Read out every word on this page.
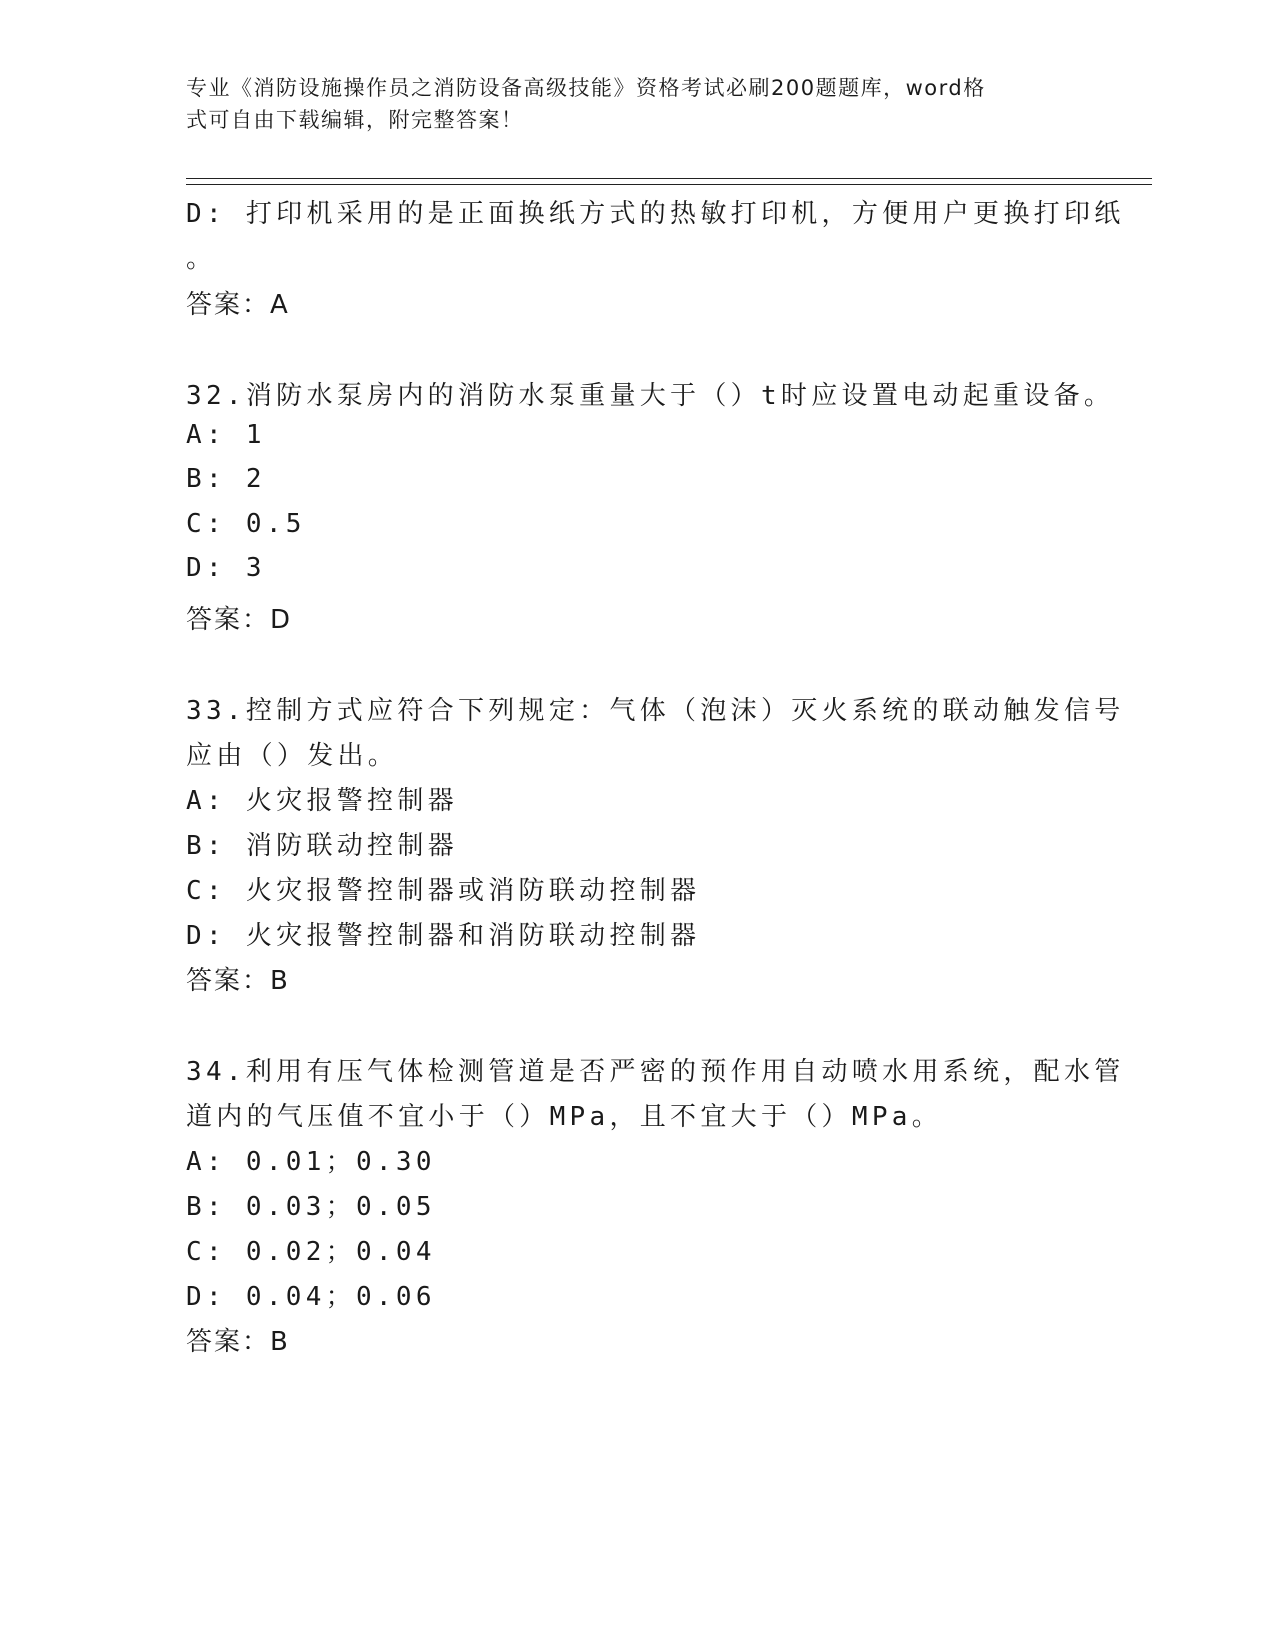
专业《消防设施操作员之消防设备高级技能》资格考试必刷200题题库，word格
式可自由下载编辑，附完整答案！
D: 打印机采用的是正面换纸方式的热敏打印机，方便用户更换打印纸
。
答案：A
32.消防水泵房内的消防水泵重量大于（）t时应设置电动起重设备。
A: 1
B: 2
C: 0.5
D: 3
答案：D
33.控制方式应符合下列规定：气体（泡沫）灭火系统的联动触发信号
应由（）发出。
A: 火灾报警控制器
B: 消防联动控制器
C: 火灾报警控制器或消防联动控制器
D: 火灾报警控制器和消防联动控制器
答案：B
34.利用有压气体检测管道是否严密的预作用自动喷水用系统，配水管
道内的气压值不宜小于（）MPa，且不宜大于（）MPa。
A: 0.01；0.30
B: 0.03；0.05
C: 0.02；0.04
D: 0.04；0.06
答案：B
